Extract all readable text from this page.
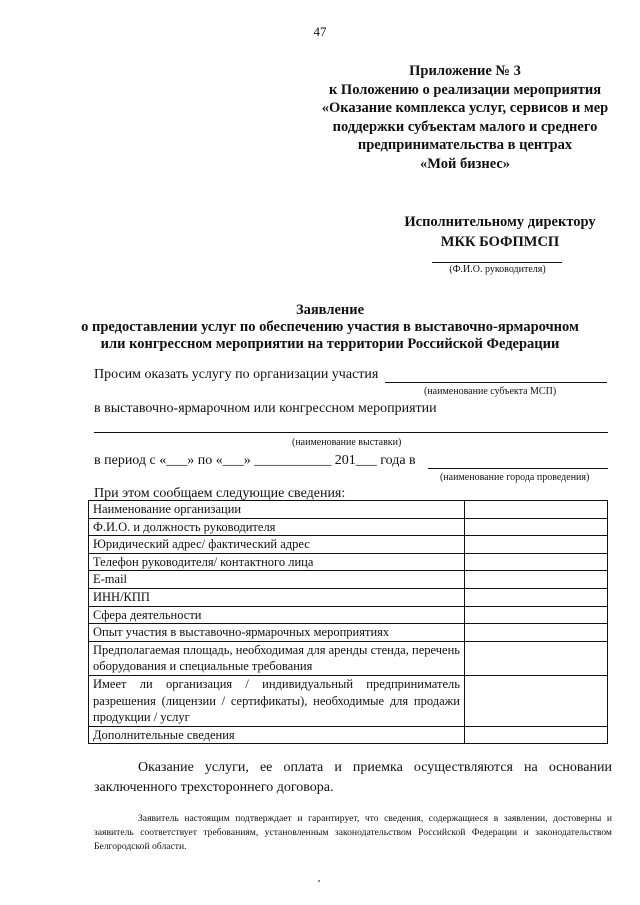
47
Приложение № 3
к Положению о реализации мероприятия
«Оказание комплекса услуг, сервисов и мер
поддержки субъектам малого и среднего
предпринимательства в центрах
«Мой бизнес»
Исполнительному директору
МКК БОФПМСП
(Ф.И.О. руководителя)
Заявление
о предоставлении услуг по обеспечению участия в выставочно-ярмарочном
или конгрессном мероприятии на территории Российской Федерации
Просим оказать услугу по организации участия
(наименование субъекта МСП)
в выставочно-ярмарочном или конгрессном мероприятии
(наименование выставки)
в период с «___» по «___» ___________ 201___ года в
(наименование города проведения)
При этом сообщаем следующие сведения:
Наименование организации	
Ф.И.О. и должность руководителя	
Юридический адрес/ фактический адрес	
Телефон руководителя/ контактного лица	
E-mail	
ИНН/КПП	
Сфера деятельности	
Опыт участия в выставочно-ярмарочных мероприятиях	
Предполагаемая площадь, необходимая для аренды стенда, перечень оборудования и специальные требования	
Имеет ли организация / индивидуальный предприниматель разрешения (лицензии / сертификаты), необходимые для продажи продукции / услуг	
Дополнительные сведения	
Оказание услуги, ее оплата и приемка осуществляются на основании заключенного трехстороннего договора.
Заявитель настоящим подтверждает и гарантирует, что сведения, содержащиеся в заявлении, достоверны и заявитель соответствует требованиям, установленным законодательством Российской Федерации и законодательством Белгородской области.
